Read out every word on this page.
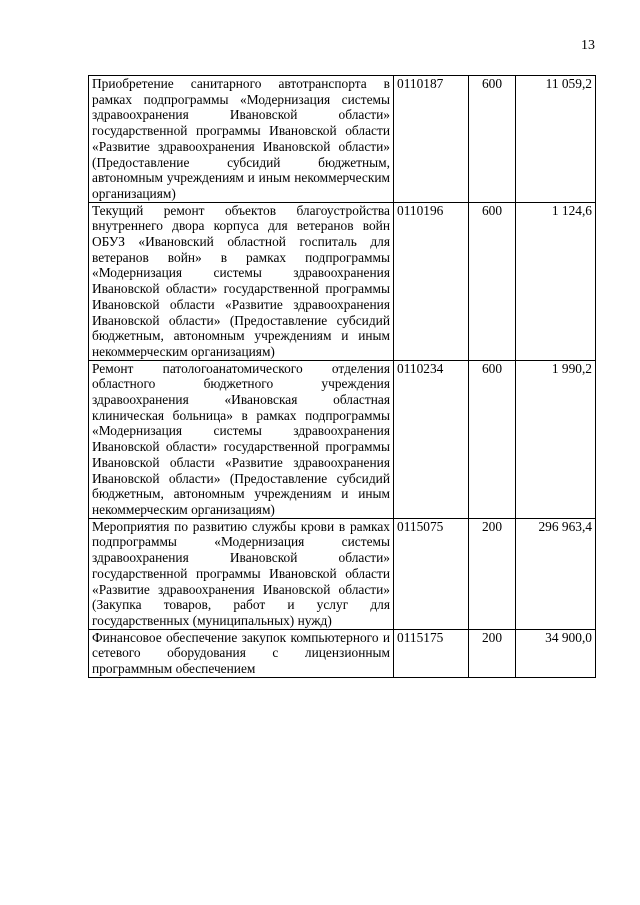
13
Приобретение санитарного автотранспорта в рамках подпрограммы «Модернизация системы здравоохранения Ивановской области» государственной программы Ивановской области «Развитие здравоохранения Ивановской области» (Предоставление субсидий бюджетным, автономным учреждениям и иным некоммерческим организациям)	0110187	600	11 059,2
Текущий ремонт объектов благоустройства внутреннего двора корпуса для ветеранов войн ОБУЗ «Ивановский областной госпиталь для ветеранов войн» в рамках подпрограммы «Модернизация системы здравоохранения Ивановской области» государственной программы Ивановской области «Развитие здравоохранения Ивановской области» (Предоставление субсидий бюджетным, автономным учреждениям и иным некоммерческим организациям)	0110196	600	1 124,6
Ремонт патологоанатомического отделения областного бюджетного учреждения здравоохранения «Ивановская областная клиническая больница» в рамках подпрограммы «Модернизация системы здравоохранения Ивановской области» государственной программы Ивановской области «Развитие здравоохранения Ивановской области» (Предоставление субсидий бюджетным, автономным учреждениям и иным некоммерческим организациям)	0110234	600	1 990,2
Мероприятия по развитию службы крови в рамках подпрограммы «Модернизация системы здравоохранения Ивановской области» государственной программы Ивановской области «Развитие здравоохранения Ивановской области» (Закупка товаров, работ и услуг для государственных (муниципальных) нужд)	0115075	200	296 963,4
Финансовое обеспечение закупок компьютерного и сетевого оборудования с лицензионным программным обеспечением	0115175	200	34 900,0
